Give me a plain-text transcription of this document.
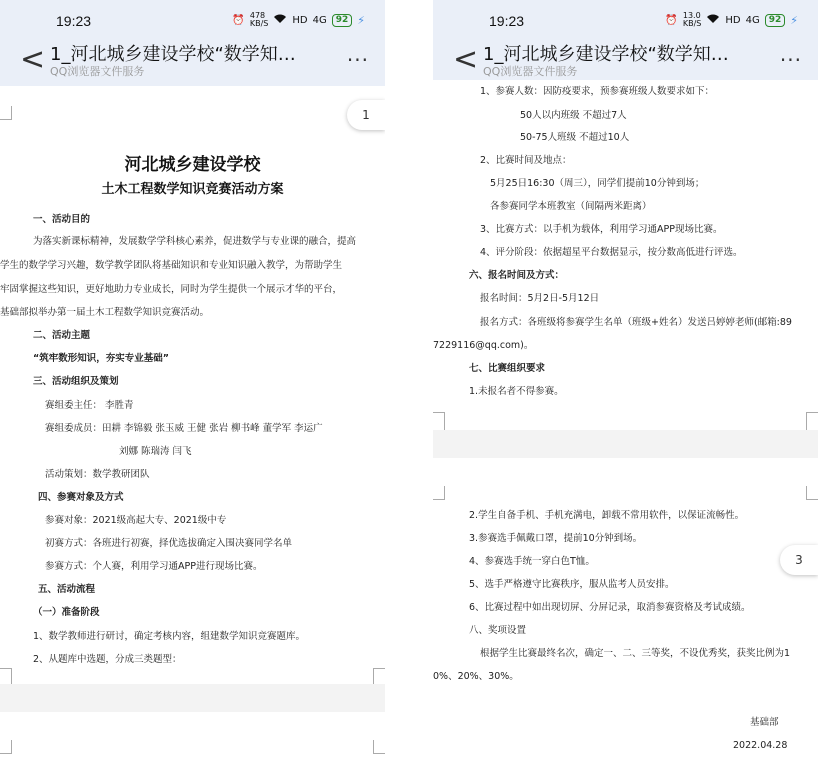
19:23	⏰ 478
KB/S HD 4G	92 ⚡
< 1_河北城乡建设学校“数学知…
QQ浏览器文件服务	···
1
河北城乡建设学校
土木工程数学知识竞赛活动方案
一、活动目的
为落实新课标精神，发展数学学科核心素养，促进数学与专业课的融合，提高
学生的数学学习兴趣，数学教学团队将基础知识和专业知识融入教学，为帮助学生
牢固掌握这些知识，更好地助力专业成长，同时为学生提供一个展示才华的平台，
基础部拟举办第一届土木工程数学知识竞赛活动。
二、活动主题
“筑牢数形知识，夯实专业基础”
三、活动组织及策划
赛组委主任： 李胜青
赛组委成员：田耕 李锦毅 张玉威 王健 张岩 柳书峰 董学军 李运广
刘娜 陈瑞涛 闫飞
活动策划：数学教研团队
四、参赛对象及方式
参赛对象：2021级高起大专、2021级中专
初赛方式：各班进行初赛，择优选拔确定入围决赛同学名单
参赛方式：个人赛，利用学习通APP进行现场比赛。
五、活动流程
（一）准备阶段
1、数学教师进行研讨，确定考核内容，组建数学知识竞赛题库。
2、从题库中选题，分成三类题型：
19:23	⏰ 13.0
KB/S HD 4G	92 ⚡
< 1_河北城乡建设学校“数学知…
QQ浏览器文件服务	···
1、参赛人数：因防疫要求，预参赛班级人数要求如下：
50人以内班级 不超过7人
50-75人班级 不超过10人
2、比赛时间及地点：
5月25日16:30（周三），同学们提前10分钟到场；
各参赛同学本班教室（间隔两米距离）
3、比赛方式：以手机为载体，利用学习通APP现场比赛。
4、评分阶段：依据超星平台数据显示，按分数高低进行评选。
六、报名时间及方式：
报名时间：5月2日-5月12日
报名方式：各班级将参赛学生名单（班级+姓名）发送吕婷婷老师(邮箱:89
7229116@qq.com)。
七、比赛组织要求
1.未报名者不得参赛。
2.学生自备手机、手机充满电，卸载不常用软件，以保证流畅性。
3.参赛选手佩戴口罩，提前10分钟到场。
4、参赛选手统一穿白色T恤。
5、选手严格遵守比赛秩序，服从监考人员安排。
6、比赛过程中如出现切屏、分屏记录，取消参赛资格及考试成绩。
八、奖项设置
根据学生比赛最终名次，确定一、二、三等奖，不设优秀奖，获奖比例为1
0%、20%、30%。
基础部
2022.04.28
3
